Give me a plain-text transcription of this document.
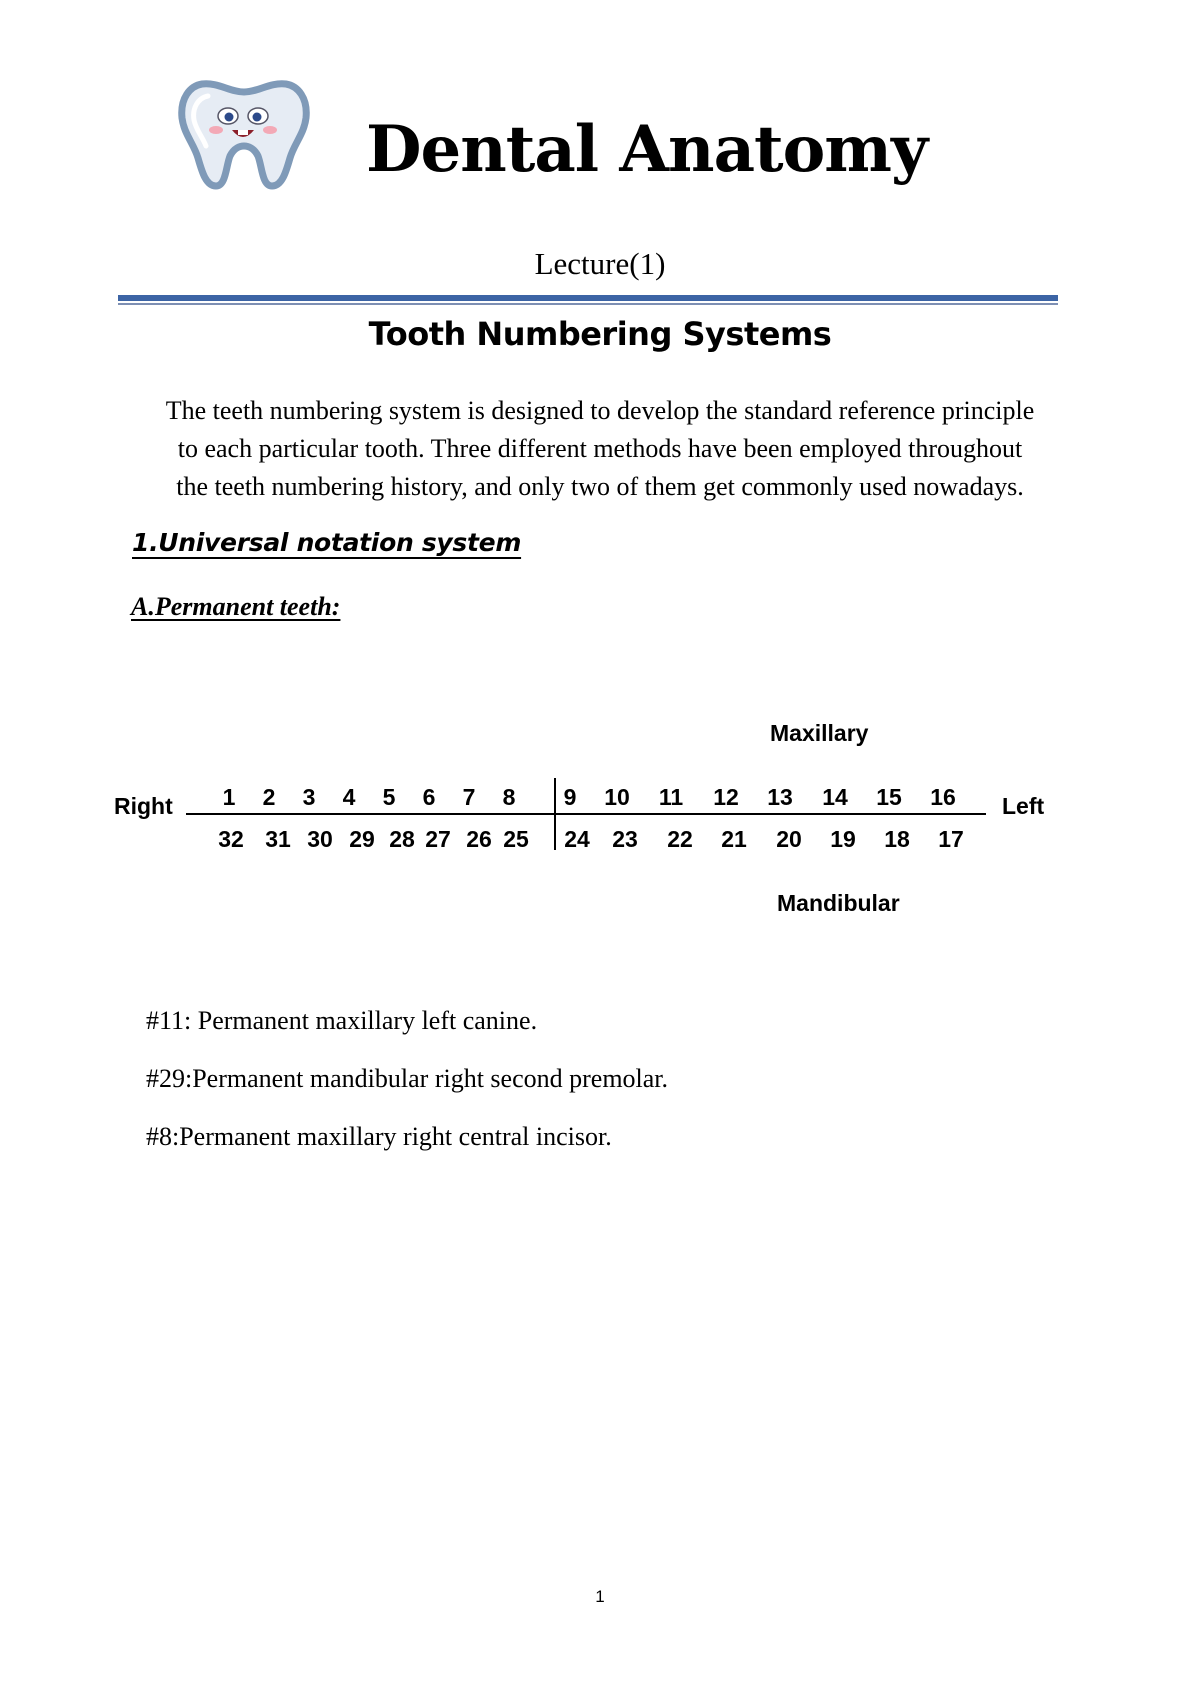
Dental Anatomy
Lecture(1)
Tooth Numbering Systems
The teeth numbering system is designed to develop the standard reference principle
to each particular tooth. Three different methods have been employed throughout
the teeth numbering history, and only two of them get commonly used nowadays.
1.Universal notation system
A.Permanent teeth:
Maxillary
Mandibular
Right	Left
1 2 3 4 5 6 7 8 9 10 11 12 13 14 15 16
32 31 30 29 28 27 26 25 24 23 22 21 20 19 18 17
#11: Permanent maxillary left canine.
#29:Permanent mandibular right second premolar.
#8:Permanent maxillary right central incisor.
1
